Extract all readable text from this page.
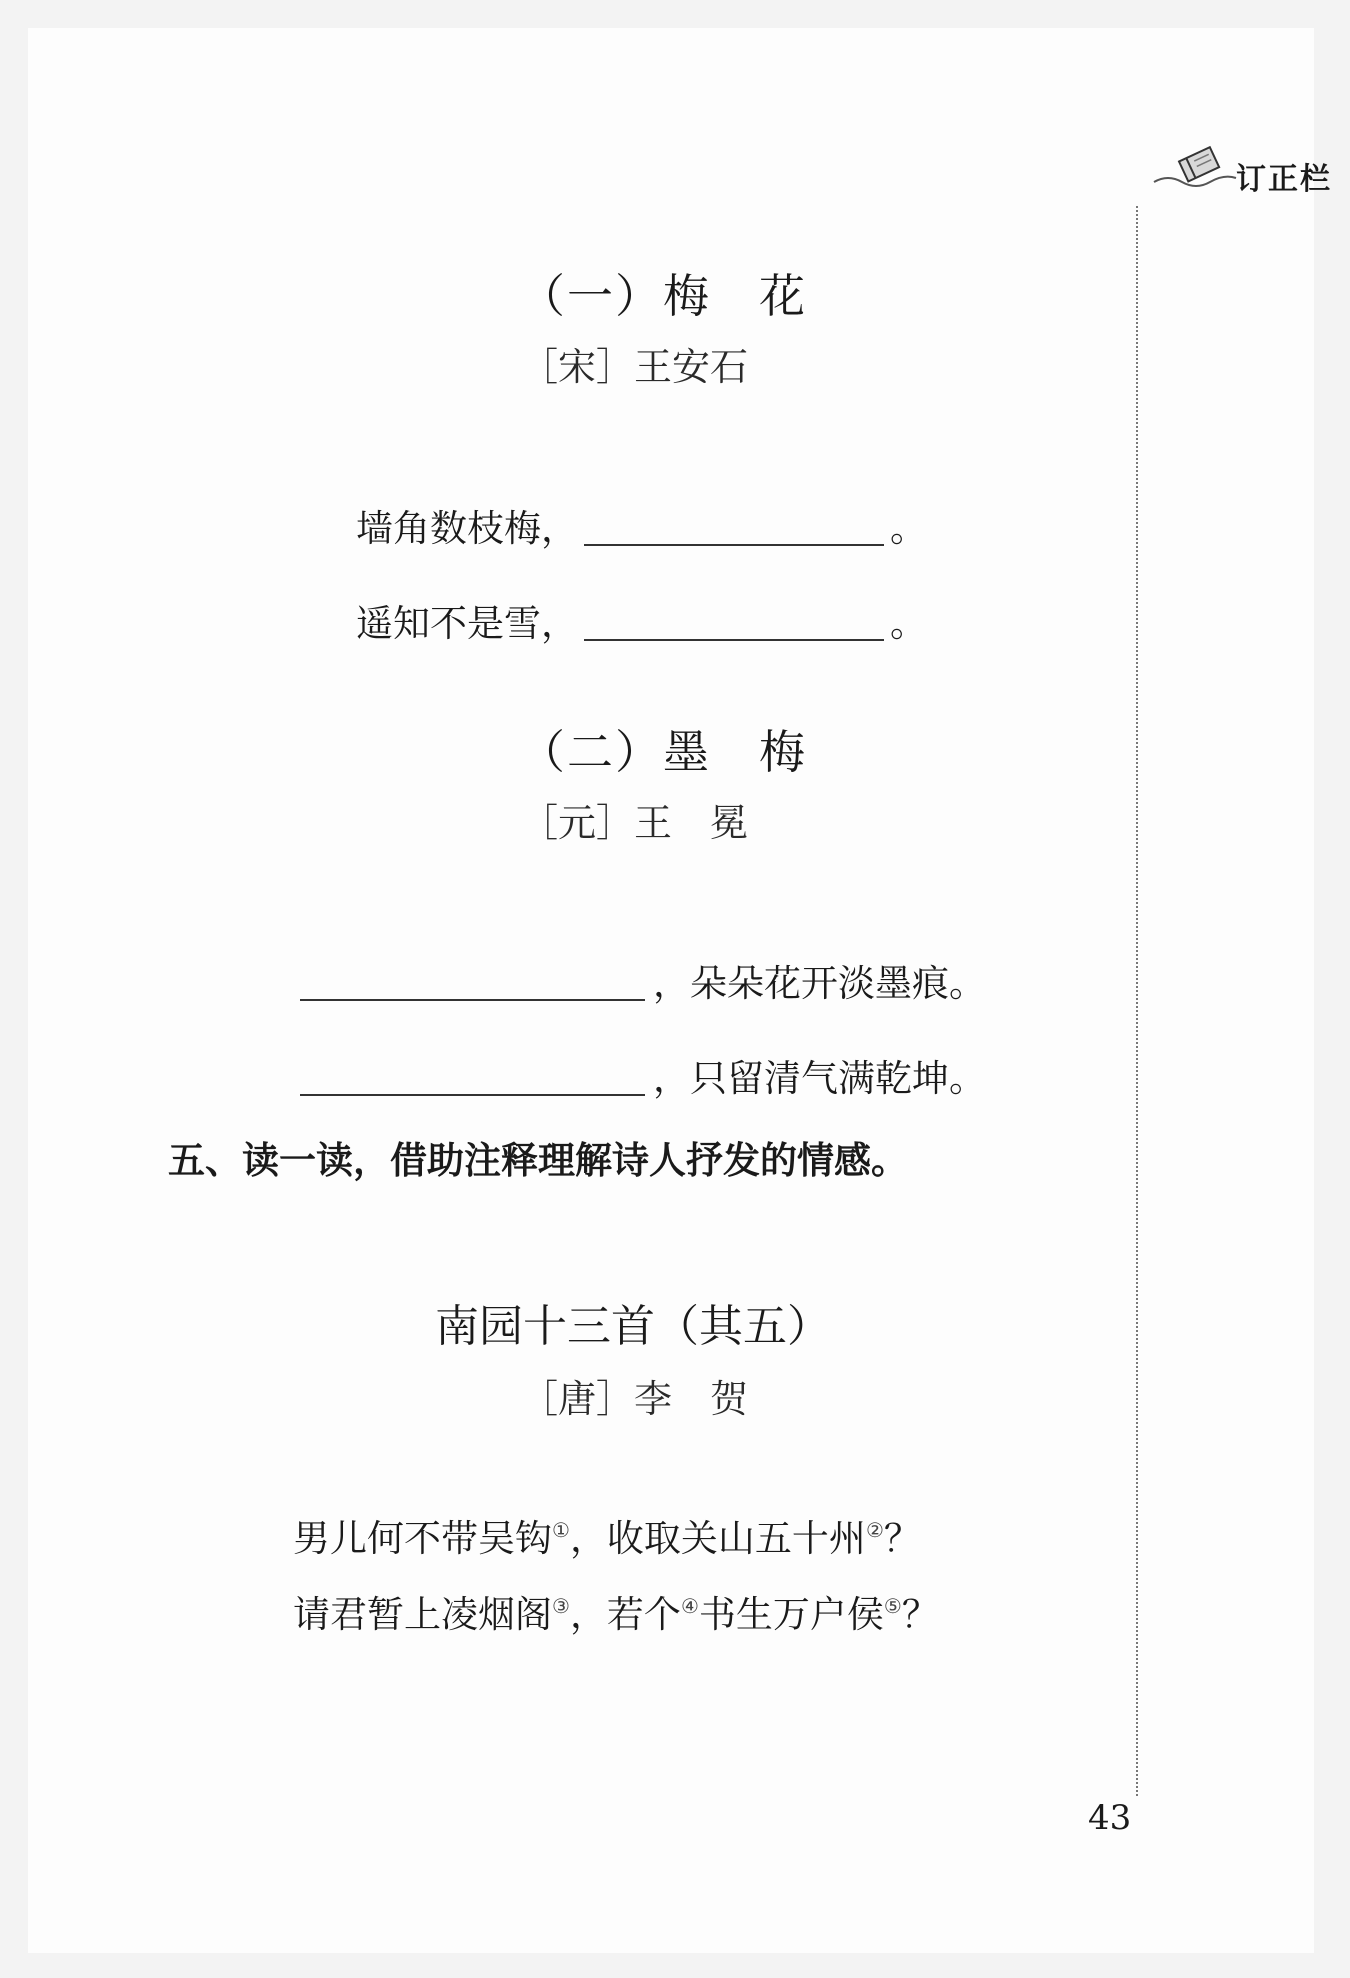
订正栏
（一）梅　花
［宋］王安石
墙角数枝梅，	。
遥知不是雪，	。
（二）墨　梅
［元］王　冕
，朵朵花开淡墨痕。
，只留清气满乾坤。
五、读一读，借助注释理解诗人抒发的情感。
南园十三首（其五）
［唐］李　贺
男儿何不带吴钩①，收取关山五十州②？
请君暂上凌烟阁③，若个④书生万户侯⑤？
43
